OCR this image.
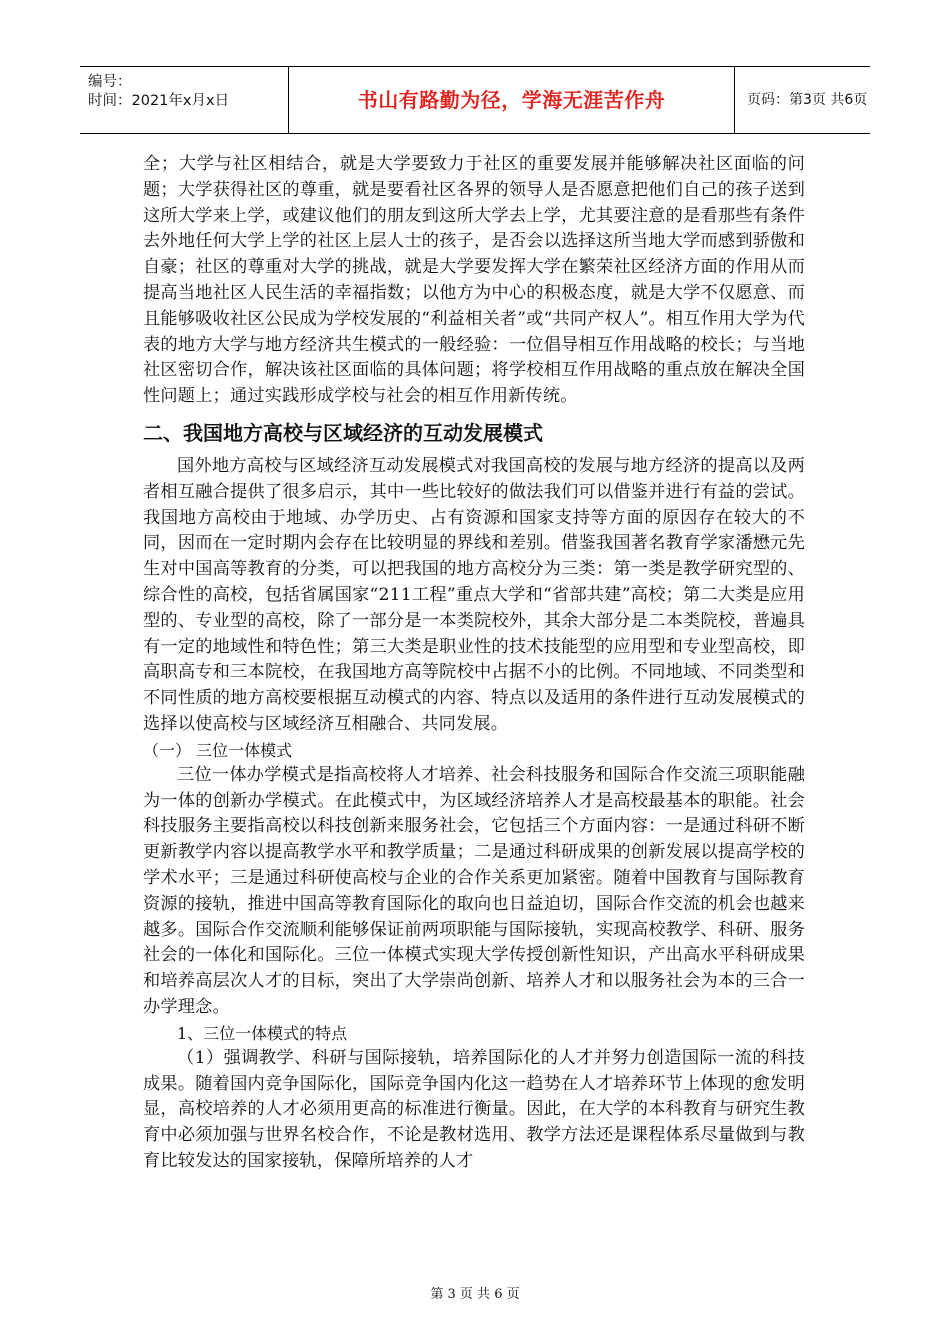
编号：
时间：2021年x月x日	书山有路勤为径，学海无涯苦作舟	页码：第3页 共6页

全；大学与社区相结合，就是大学要致力于社区的重要发展并能够解决社区面临的问题；大学获得社区的尊重，就是要看社区各界的领导人是否愿意把他们自己的孩子送到这所大学来上学，或建议他们的朋友到这所大学去上学，尤其要注意的是看那些有条件去外地任何大学上学的社区上层人士的孩子，是否会以选择这所当地大学而感到骄傲和自豪；社区的尊重对大学的挑战，就是大学要发挥大学在繁荣社区经济方面的作用从而提高当地社区人民生活的幸福指数；以他方为中心的积极态度，就是大学不仅愿意、而且能够吸收社区公民成为学校发展的“利益相关者”或“共同产权人”。相互作用大学为代表的地方大学与地方经济共生模式的一般经验：一位倡导相互作用战略的校长；与当地社区密切合作，解决该社区面临的具体问题；将学校相互作用战略的重点放在解决全国性问题上；通过实践形成学校与社会的相互作用新传统。

二、我国地方高校与区域经济的互动发展模式

国外地方高校与区域经济互动发展模式对我国高校的发展与地方经济的提高以及两者相互融合提供了很多启示，其中一些比较好的做法我们可以借鉴并进行有益的尝试。我国地方高校由于地域、办学历史、占有资源和国家支持等方面的原因存在较大的不同，因而在一定时期内会存在比较明显的界线和差别。借鉴我国著名教育学家潘懋元先生对中国高等教育的分类，可以把我国的地方高校分为三类：第一类是教学研究型的、综合性的高校，包括省属国家“211工程”重点大学和“省部共建”高校；第二大类是应用型的、专业型的高校，除了一部分是一本类院校外，其余大部分是二本类院校，普遍具有一定的地域性和特色性；第三大类是职业性的技术技能型的应用型和专业型高校，即高职高专和三本院校，在我国地方高等院校中占据不小的比例。不同地域、不同类型和不同性质的地方高校要根据互动模式的内容、特点以及适用的条件进行互动发展模式的选择以使高校与区域经济互相融合、共同发展。

（一） 三位一体模式

三位一体办学模式是指高校将人才培养、社会科技服务和国际合作交流三项职能融为一体的创新办学模式。在此模式中，为区域经济培养人才是高校最基本的职能。社会科技服务主要指高校以科技创新来服务社会，它包括三个方面内容：一是通过科研不断更新教学内容以提高教学水平和教学质量；二是通过科研成果的创新发展以提高学校的学术水平；三是通过科研使高校与企业的合作关系更加紧密。随着中国教育与国际教育资源的接轨，推进中国高等教育国际化的取向也日益迫切，国际合作交流的机会也越来越多。国际合作交流顺利能够保证前两项职能与国际接轨，实现高校教学、科研、服务社会的一体化和国际化。三位一体模式实现大学传授创新性知识，产出高水平科研成果和培养高层次人才的目标，突出了大学崇尚创新、培养人才和以服务社会为本的三合一办学理念。

1、三位一体模式的特点

（1）强调教学、科研与国际接轨，培养国际化的人才并努力创造国际一流的科技成果。随着国内竞争国际化，国际竞争国内化这一趋势在人才培养环节上体现的愈发明显，高校培养的人才必须用更高的标准进行衡量。因此，在大学的本科教育与研究生教育中必须加强与世界名校合作，不论是教材选用、教学方法还是课程体系尽量做到与教育比较发达的国家接轨，保障所培养的人才

第 3 页 共 6 页
